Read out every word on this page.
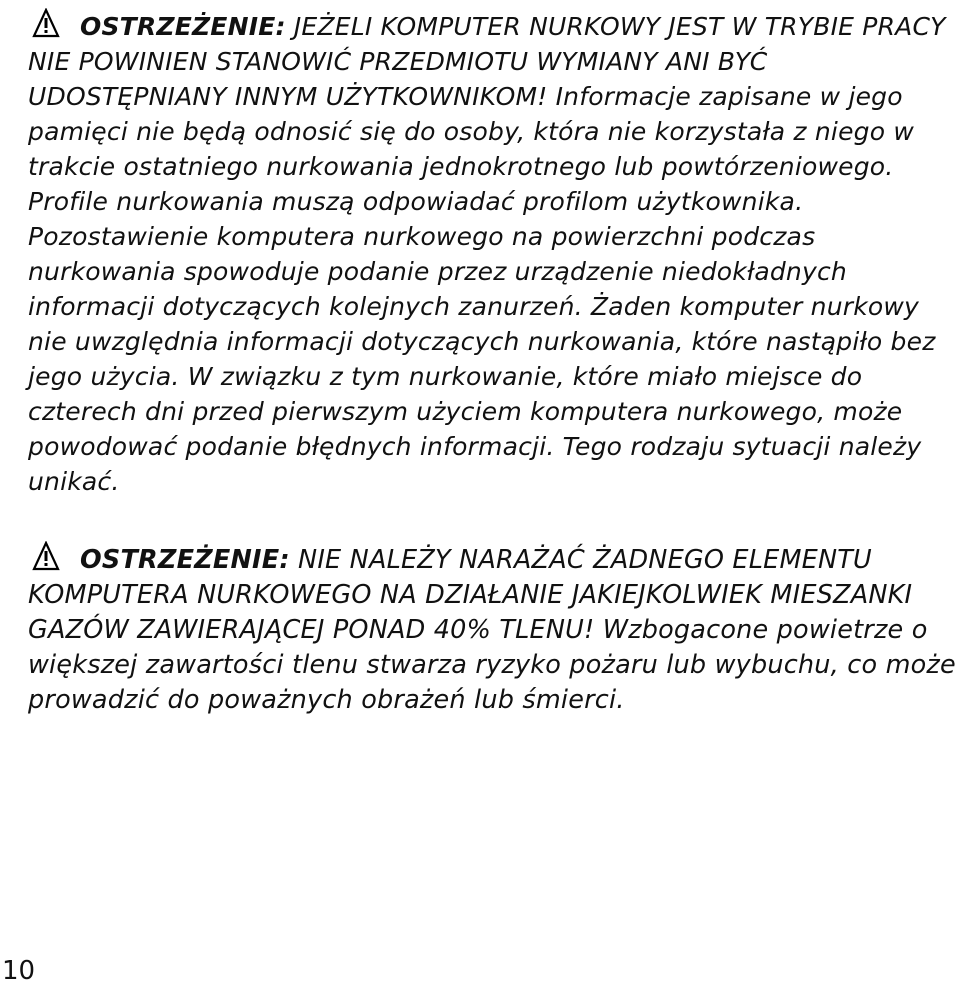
OSTRZEŻENIE: JEŻELI KOMPUTER NURKOWY JEST W TRYBIE PRACY NIE POWINIEN STANOWIĆ PRZEDMIOTU WYMIANY ANI BYĆ UDOSTĘPNIANY INNYM UŻYTKOWNIKOM! Informacje zapisane w jego pamięci nie będą odnosić się do osoby, która nie korzystała z niego w trakcie ostatniego nurkowania jednokrotnego lub powtórzeniowego. Profile nurkowania muszą odpowiadać profilom użytkownika. Pozostawienie komputera nurkowego na powierzchni podczas nurkowania spowoduje podanie przez urządzenie niedokładnych informacji dotyczących kolejnych zanurzeń. Żaden komputer nurkowy nie uwzględnia informacji dotyczących nurkowania, które nastąpiło bez jego użycia. W związku z tym nurkowanie, które miało miejsce do czterech dni przed pierwszym użyciem komputera nurkowego, może powodować podanie błędnych informacji. Tego rodzaju sytuacji należy unikać.

OSTRZEŻENIE: NIE NALEŻY NARAŻAĆ ŻADNEGO ELEMENTU KOMPUTERA NURKOWEGO NA DZIAŁANIE JAKIEJKOLWIEK MIESZANKI GAZÓW ZAWIERAJĄCEJ PONAD 40% TLENU! Wzbogacone powietrze o większej zawartości tlenu stwarza ryzyko pożaru lub wybuchu, co może prowadzić do poważnych obrażeń lub śmierci.

10
